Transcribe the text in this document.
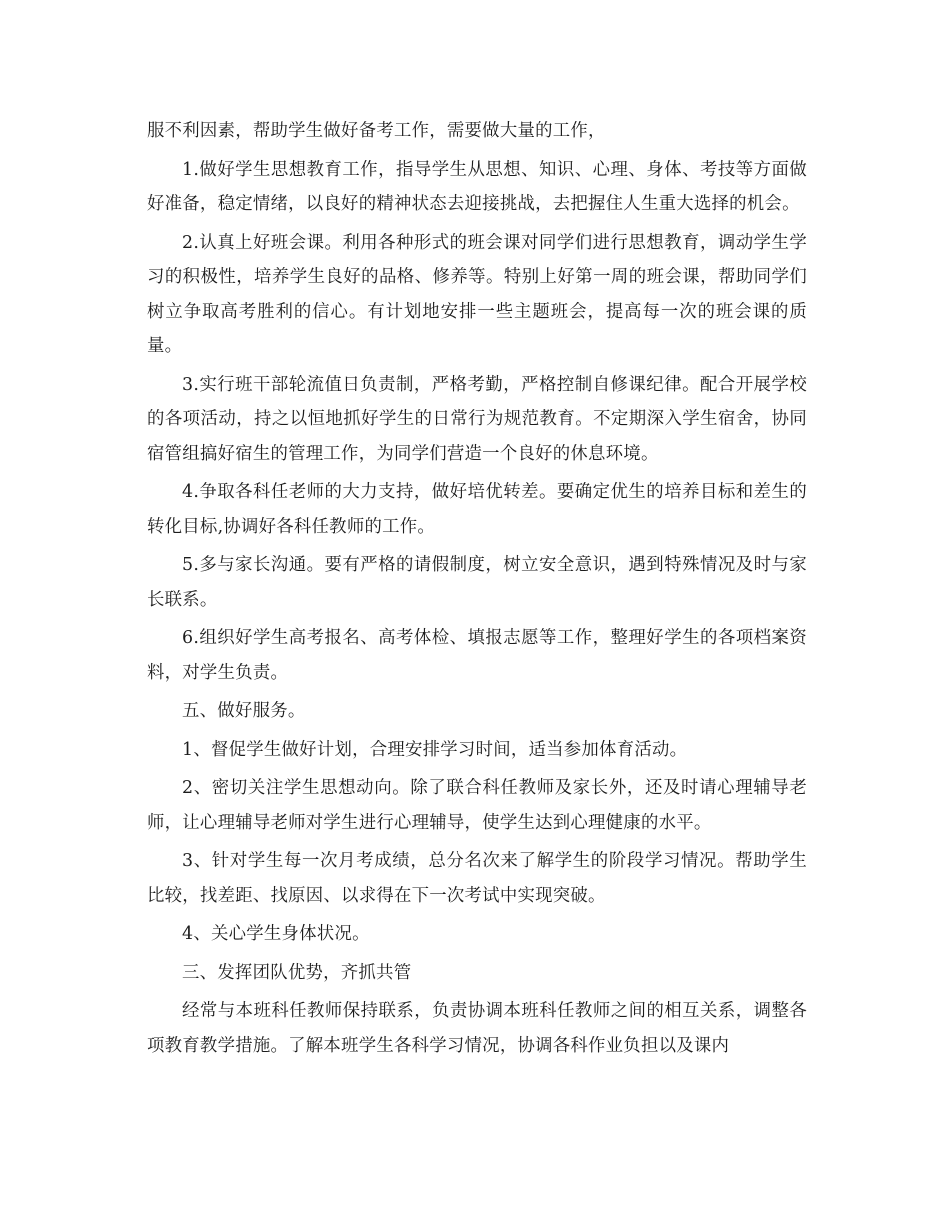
服不利因素，帮助学生做好备考工作，需要做大量的工作，

1.做好学生思想教育工作，指导学生从思想、知识、心理、身体、考技等方面做好准备，稳定情绪，以良好的精神状态去迎接挑战，去把握住人生重大选择的机会。

2.认真上好班会课。利用各种形式的班会课对同学们进行思想教育，调动学生学习的积极性，培养学生良好的品格、修养等。特别上好第一周的班会课，帮助同学们树立争取高考胜利的信心。有计划地安排一些主题班会，提高每一次的班会课的质量。

3.实行班干部轮流值日负责制，严格考勤，严格控制自修课纪律。配合开展学校的各项活动，持之以恒地抓好学生的日常行为规范教育。不定期深入学生宿舍，协同宿管组搞好宿生的管理工作，为同学们营造一个良好的休息环境。

4.争取各科任老师的大力支持，做好培优转差。要确定优生的培养目标和差生的转化目标,协调好各科任教师的工作。

5.多与家长沟通。要有严格的请假制度，树立安全意识，遇到特殊情况及时与家长联系。

6.组织好学生高考报名、高考体检、填报志愿等工作，整理好学生的各项档案资料，对学生负责。

五、做好服务。

1、督促学生做好计划，合理安排学习时间，适当参加体育活动。

2、密切关注学生思想动向。除了联合科任教师及家长外，还及时请心理辅导老师，让心理辅导老师对学生进行心理辅导，使学生达到心理健康的水平。

3、针对学生每一次月考成绩，总分名次来了解学生的阶段学习情况。帮助学生比较，找差距、找原因、以求得在下一次考试中实现突破。

4、关心学生身体状况。

三、发挥团队优势，齐抓共管

经常与本班科任教师保持联系，负责协调本班科任教师之间的相互关系，调整各项教育教学措施。了解本班学生各科学习情况，协调各科作业负担以及课内
